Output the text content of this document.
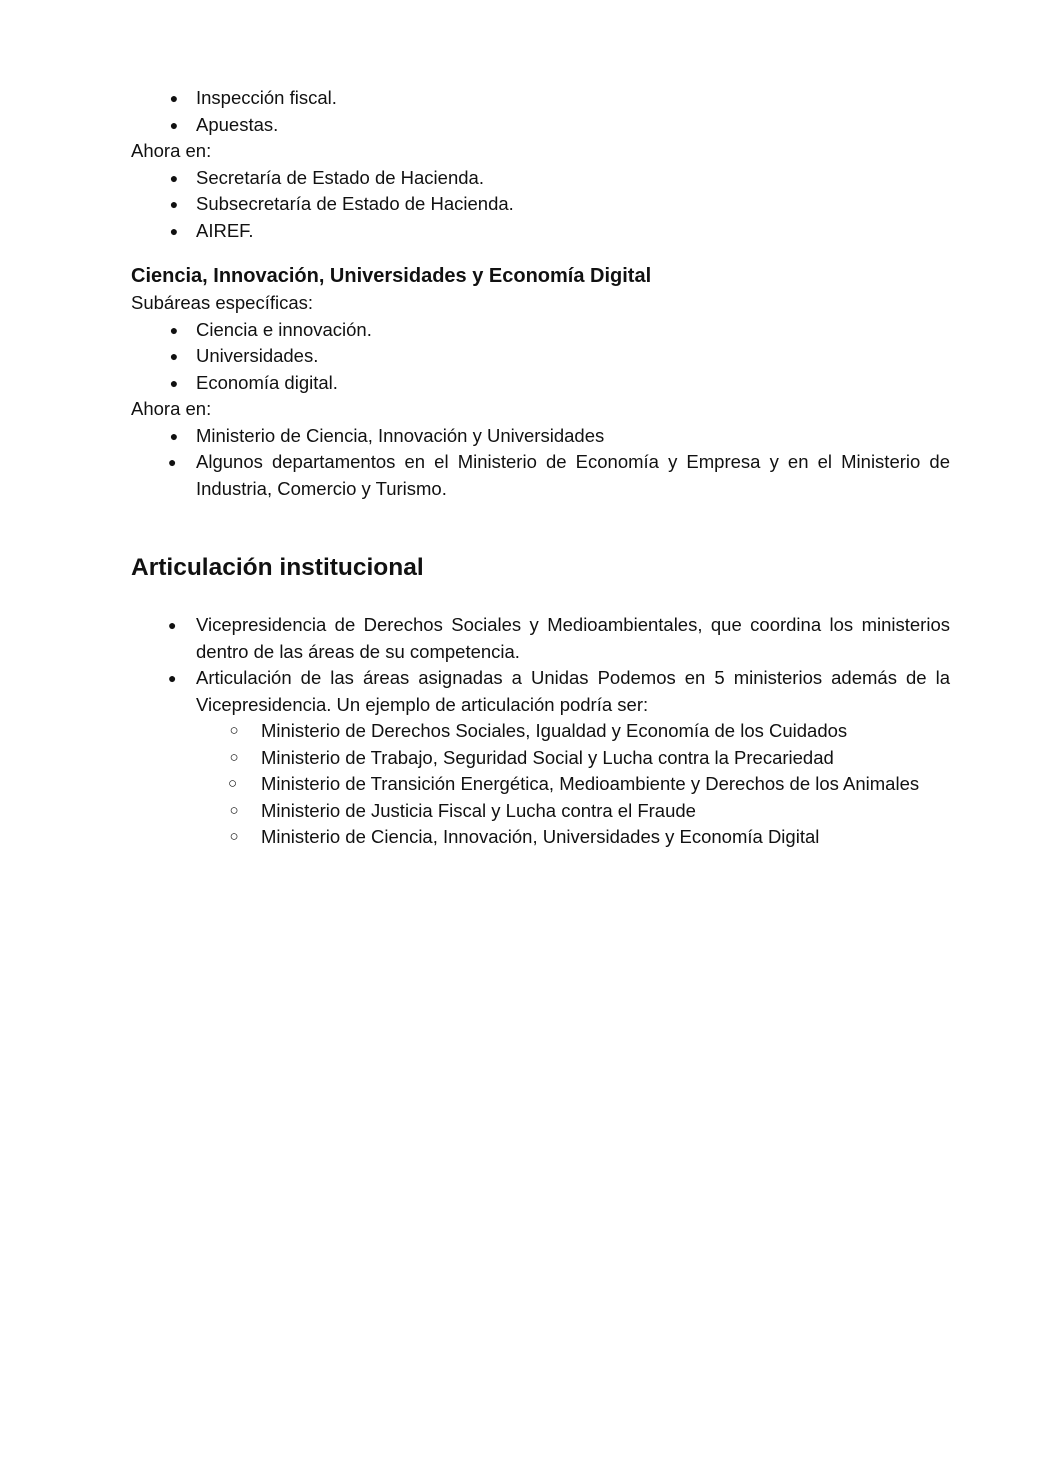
● Inspección fiscal.
● Apuestas.

Ahora en:

● Secretaría de Estado de Hacienda.
● Subsecretaría de Estado de Hacienda.
● AIREF.
Ciencia, Innovación, Universidades y Economía Digital

Subáreas específicas:

● Ciencia e innovación.
● Universidades.
● Economía digital.

Ahora en:

● Ministerio de Ciencia, Innovación y Universidades
● Algunos departamentos en el Ministerio de Economía y Empresa y en el Ministerio de Industria, Comercio y Turismo.
Articulación institucional
● Vicepresidencia de Derechos Sociales y Medioambientales, que coordina los ministerios dentro de las áreas de su competencia.
● Articulación de las áreas asignadas a Unidas Podemos en 5 ministerios además de la Vicepresidencia. Un ejemplo de articulación podría ser:
○ Ministerio de Derechos Sociales, Igualdad y Economía de los Cuidados
○ Ministerio de Trabajo, Seguridad Social y Lucha contra la Precariedad
○ Ministerio de Transición Energética, Medioambiente y Derechos de los Animales
○ Ministerio de Justicia Fiscal y Lucha contra el Fraude
○ Ministerio de Ciencia, Innovación, Universidades y Economía Digital
